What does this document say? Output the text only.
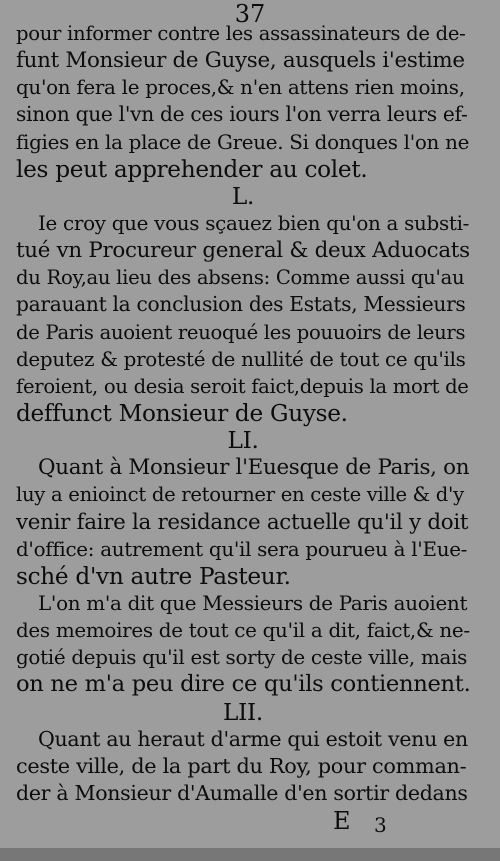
37
pour informer contre les assassinateurs de de-
funt Monsieur de Guyse, ausquels i'estime
qu'on fera le proces,& n'en attens rien moins,
sinon que l'vn de ces iours l'on verra leurs ef-
figies en la place de Greue. Si donques l'on ne
les peut apprehender au colet.
L.
Ie croy que vous sçauez bien qu'on a substi-
tué vn Procureur general & deux Aduocats
du Roy,au lieu des absens: Comme aussi qu'au
parauant la conclusion des Estats, Messieurs
de Paris auoient reuoqué les pouuoirs de leurs
deputez & protesté de nullité de tout ce qu'ils
feroient, ou desia seroit faict,depuis la mort de
deffunct Monsieur de Guyse.
LI.
Quant à Monsieur l'Euesque de Paris, on
luy a enioinct de retourner en ceste ville & d'y
venir faire la residance actuelle qu'il y doit
d'office: autrement qu'il sera pourueu à l'Eue-
sché d'vn autre Pasteur.
L'on m'a dit que Messieurs de Paris auoient
des memoires de tout ce qu'il a dit, faict,& ne-
gotié depuis qu'il est sorty de ceste ville, mais
on ne m'a peu dire ce qu'ils contiennent.
LII.
Quant au heraut d'arme qui estoit venu en
ceste ville, de la part du Roy, pour comman-
der à Monsieur d'Aumalle d'en sortir dedans
E 3
